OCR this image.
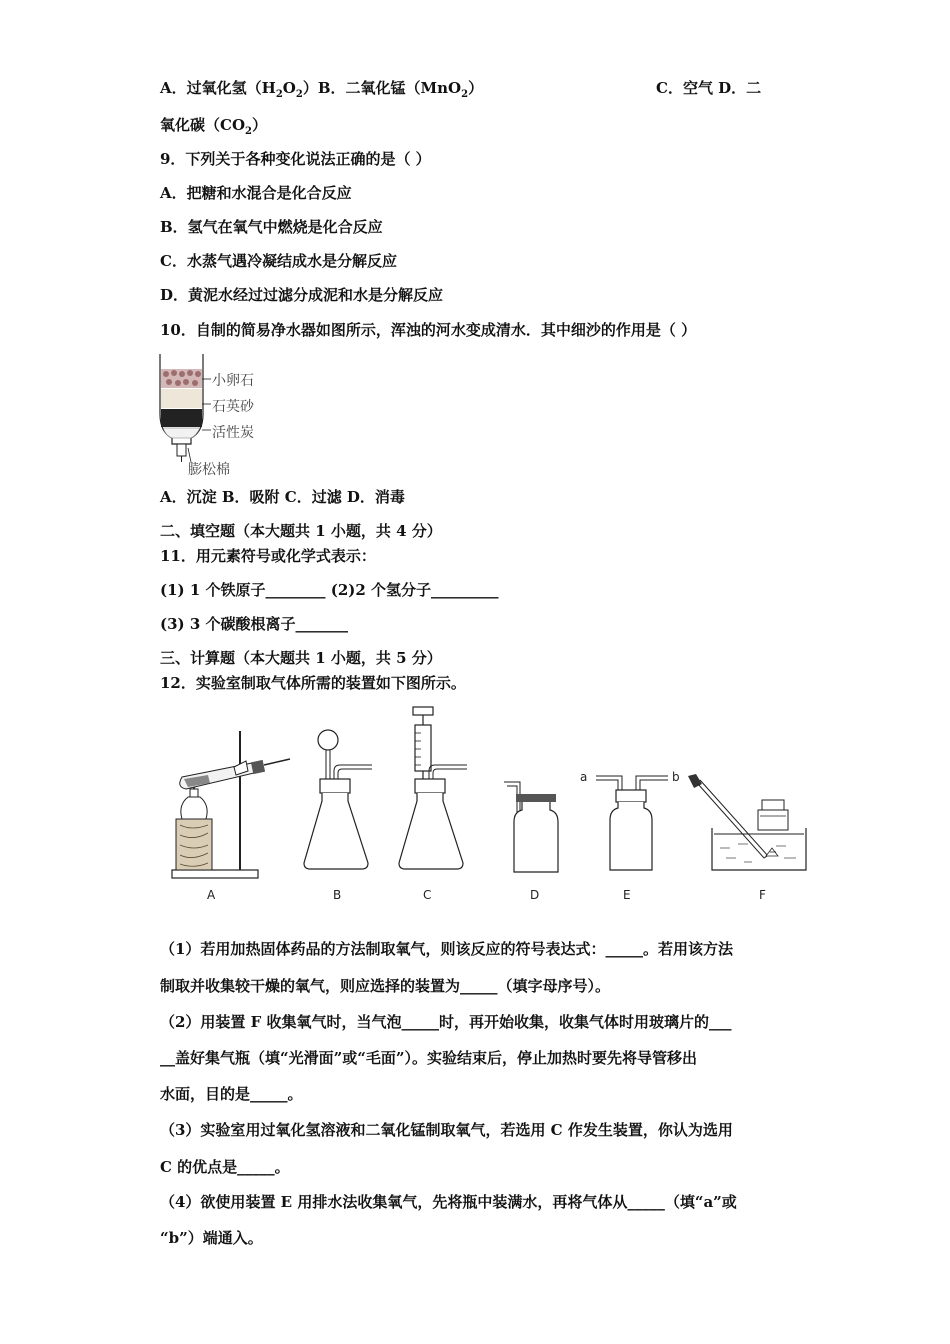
A．过氧化氢$(H_2O_2)B$．二氧化锰（MnO$_2$）	C．空气 D．二
氧化碳$(CO_2)$
9．下列关于各种变化说法正确的是（ ）
A．把糖和水混合是化合反应
B．氢气在氧气中燃烧是化合反应
C．水蒸气遇冷凝结成水是分解反应
D．黄泥水经过过滤分成泥和水是分解反应
10．自制的简易净水器如图所示，浑浊的河水变成清水．其中细沙的作用是（ ）
小卵石
石英砂
活性炭
膨松棉
A．沉淀 B．吸附 C．过滤 D．消毒
二、填空题（本大题共 1 小题，共 4 分）
11．用元素符号或化学式表示：
(1) 1 个铁原子________ (2)2 个氢分子_________
(3) 3 个碳酸根离子_______
三、计算题（本大题共 1 小题，共 5 分）
12．实验室制取气体所需的装置如下图所示。
A	B	C	D
a	b
E	F
（1）若用加热固体药品的方法制取氧气，则该反应的符号表达式：_____。若用该方法
制取并收集较干燥的氧气，则应选择的装置为_____（填字母序号）。
（2）用装置 F 收集氧气时，当气泡_____时，再开始收集，收集气体时用玻璃片的___
__盖好集气瓶（填“光滑面”或“毛面”）。实验结束后，停止加热时要先将导管移出
水面，目的是_____。
（3）实验室用过氧化氢溶液和二氧化锰制取氧气，若选用 C 作发生装置，你认为选用
C 的优点是_____。
（4）欲使用装置 E 用排水法收集氧气，先将瓶中装满水，再将气体从_____（填“a”或
“b”）端通入。
